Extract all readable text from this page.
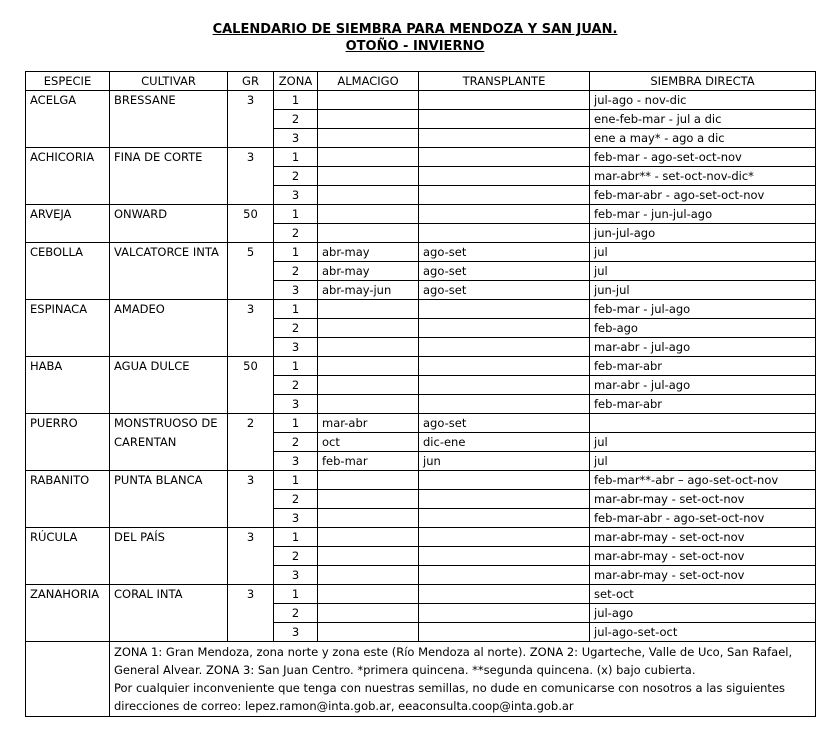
CALENDARIO DE SIEMBRA PARA MENDOZA Y SAN JUAN.
OTOÑO - INVIERNO
ESPECIE	CULTIVAR	GR	ZONA	ALMACIGO	TRANSPLANTE	SIEMBRA DIRECTA
ACELGA	BRESSANE	3	1			jul-ago - nov-dic
			2			ene-feb-mar - jul a dic
			3			ene a may* - ago a dic
ACHICORIA	FINA DE CORTE	3	1			feb-mar - ago-set-oct-nov
			2			mar-abr** - set-oct-nov-dic*
			3			feb-mar-abr - ago-set-oct-nov
ARVEJA	ONWARD	50	1			feb-mar - jun-jul-ago
			2			jun-jul-ago
CEBOLLA	VALCATORCE INTA	5	1	abr-may	ago-set	jul
			2	abr-may	ago-set	jul
			3	abr-may-jun	ago-set	jun-jul
ESPINACA	AMADEO	3	1			feb-mar - jul-ago
			2			feb-ago
			3			mar-abr - jul-ago
HABA	AGUA DULCE	50	1			feb-mar-abr
			2			mar-abr - jul-ago
			3			feb-mar-abr
PUERRO	MONSTRUOSO DE CARENTAN	2	1	mar-abr	ago-set	
			2	oct	dic-ene	jul
			3	feb-mar	jun	jul
RABANITO	PUNTA BLANCA	3	1			feb-mar**-abr – ago-set-oct-nov
			2			mar-abr-may - set-oct-nov
			3			feb-mar-abr - ago-set-oct-nov
RÚCULA	DEL PAÍS	3	1			mar-abr-may - set-oct-nov
			2			mar-abr-may - set-oct-nov
			3			mar-abr-may - set-oct-nov
ZANAHORIA	CORAL INTA	3	1			set-oct
			2			jul-ago
			3			jul-ago-set-oct

	ZONA 1: Gran Mendoza, zona norte y zona este (Río Mendoza al norte). ZONA 2: Ugarteche, Valle de Uco, San Rafael, General Alvear. ZONA 3: San Juan Centro. *primera quincena. **segunda quincena. (x) bajo cubierta.
Por cualquier inconveniente que tenga con nuestras semillas, no dude en comunicarse con nosotros a las siguientes direcciones de correo: lepez.ramon@inta.gob.ar, eeaconsulta.coop@inta.gob.ar					
